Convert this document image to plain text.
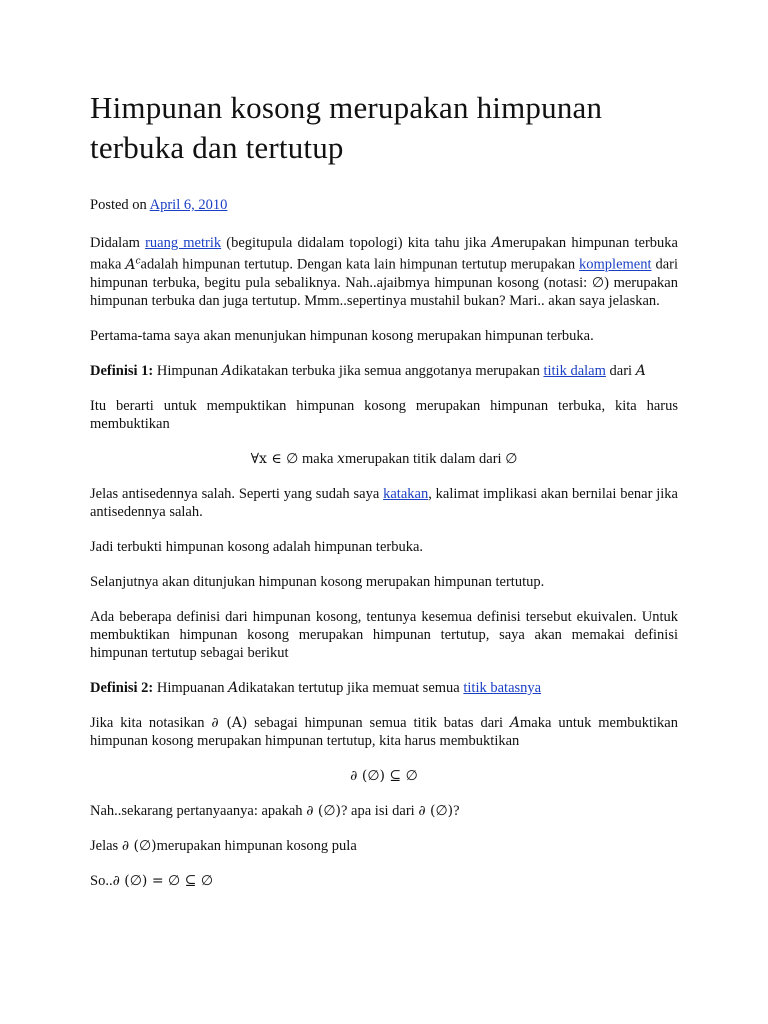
Himpunan kosong merupakan himpunan terbuka dan tertutup
Posted on April 6, 2010

Didalam ruang metrik (begitupula didalam topologi) kita tahu jika Amerupakan himpunan terbuka maka $A^cadalah$ himpunan tertutup. Dengan kata lain himpunan tertutup merupakan komplement dari himpunan terbuka, begitu pula sebaliknya. Nah..ajaibmya himpunan kosong (notasi: ∅) merupakan himpunan terbuka dan juga tertutup. Mmm..sepertinya mustahil bukan? Mari.. akan saya jelaskan.

Pertama-tama saya akan menunjukan himpunan kosong merupakan himpunan terbuka.

Definisi 1: Himpunan Adikatakan terbuka jika semua anggotanya merupakan titik dalam dari A

Itu berarti untuk mempuktikan himpunan kosong merupakan himpunan terbuka, kita harus membuktikan

∀x ∈ ∅ maka xmerupakan titik dalam dari ∅

Jelas antisedennya salah. Seperti yang sudah saya katakan, kalimat implikasi akan bernilai benar jika antisedennya salah.

Jadi terbukti himpunan kosong adalah himpunan terbuka.

Selanjutnya akan ditunjukan himpunan kosong merupakan himpunan tertutup.

Ada beberapa definisi dari himpunan kosong, tentunya kesemua definisi tersebut ekuivalen. Untuk membuktikan himpunan kosong merupakan himpunan tertutup, saya akan memakai definisi himpunan tertutup sebagai berikut

Definisi 2: Himpuanan Adikatakan tertutup jika memuat semua titik batasnya

Jika kita notasikan ∂ (A) sebagai himpunan semua titik batas dari Amaka untuk membuktikan himpunan kosong merupakan himpunan tertutup, kita harus membuktikan

∂ (∅) ⊆ ∅

Nah..sekarang pertanyaanya: apakah ∂ (∅)? apa isi dari ∂ (∅)?

Jelas ∂ (∅)merupakan himpunan kosong pula

So..∂ (∅) = ∅ ⊆ ∅
